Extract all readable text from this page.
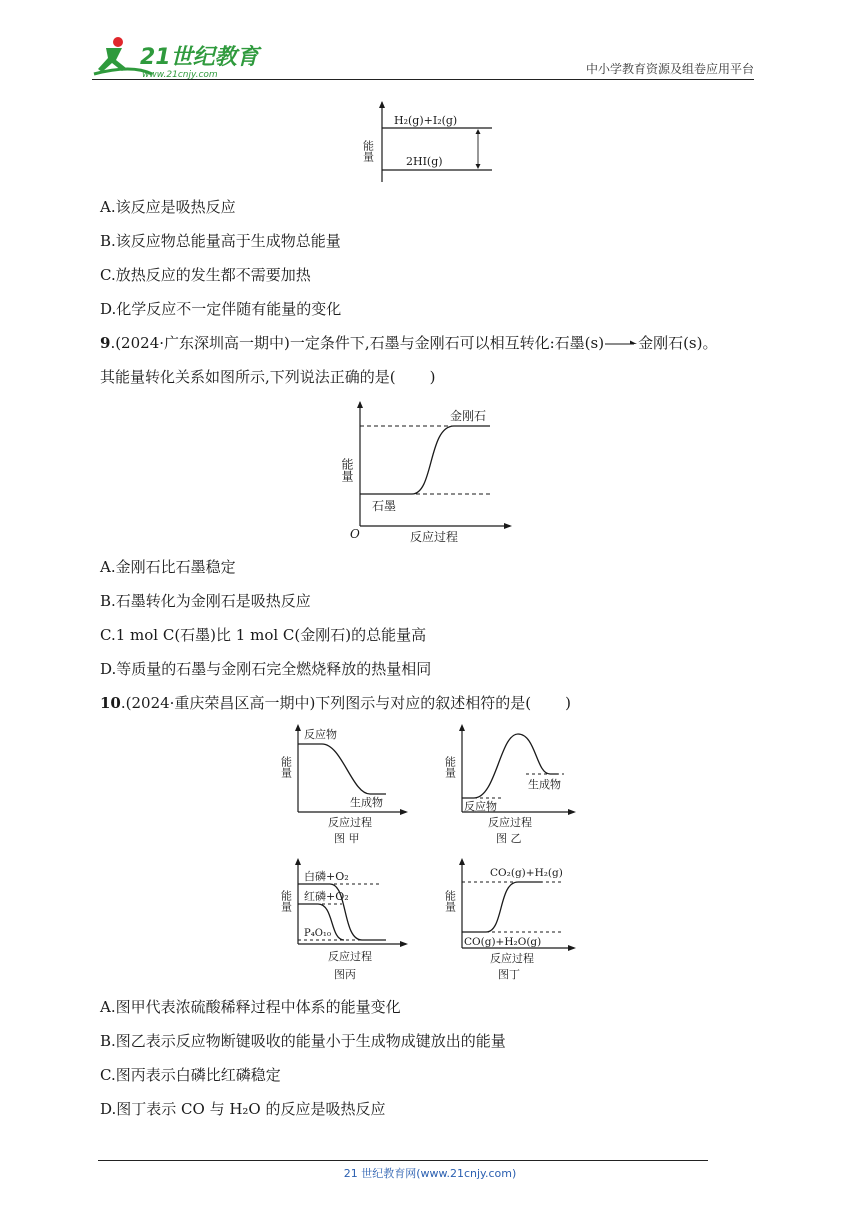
21世纪教育
www.21cnjy.com	中小学教育资源及组卷应用平台
H₂(g)+I₂(g)
2HI(g)
能量
A.该反应是吸热反应
B.该反应物总能量高于生成物总能量
C.放热反应的发生都不需要加热
D.化学反应不一定伴随有能量的变化
9.(2024·广东深圳高一期中)一定条件下,石墨与金刚石可以相互转化:石墨(s)→金刚石(s)。
其能量转化关系如图所示,下列说法正确的是( )
金刚石
石墨
能量
反应过程
O
A.金刚石比石墨稳定
B.石墨转化为金刚石是吸热反应
C.1 mol C(石墨)比 1 mol C(金刚石)的总能量高
D.等质量的石墨与金刚石完全燃烧释放的热量相同
10.(2024·重庆荣昌区高一期中)下列图示与对应的叙述相符的是( )
反应物
生成物
能量
反应过程
图 甲
反应物
生成物
能量
反应过程
图 乙
白磷+O₂
红磷+O₂
P₄O₁₀
能量
反应过程
图丙
CO₂(g)+H₂(g)
CO(g)+H₂O(g)
能量
反应过程
图丁
A.图甲代表浓硫酸稀释过程中体系的能量变化
B.图乙表示反应物断键吸收的能量小于生成物成键放出的能量
C.图丙表示白磷比红磷稳定
D.图丁表示 CO 与 H₂O 的反应是吸热反应
21 世纪教育网(www.21cnjy.com)
